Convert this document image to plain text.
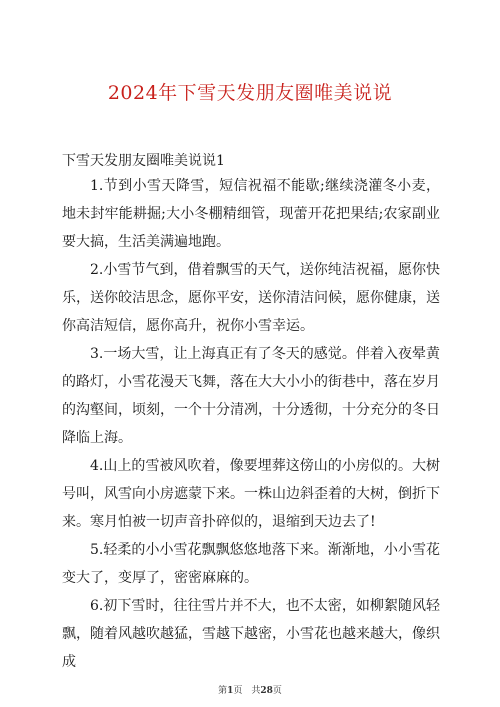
2024年下雪天发朋友圈唯美说说
下雪天发朋友圈唯美说说1

1.节到小雪天降雪，短信祝福不能歇;继续浇灌冬小麦，地未封牢能耕掘;大小冬棚精细管，现蕾开花把果结;农家副业要大搞，生活美满遍地跑。

2.小雪节气到，借着飘雪的天气，送你纯洁祝福，愿你快乐，送你皎洁思念，愿你平安，送你清洁问候，愿你健康，送你高洁短信，愿你高升，祝你小雪幸运。

3.一场大雪，让上海真正有了冬天的感觉。伴着入夜晕黄的路灯，小雪花漫天飞舞，落在大大小小的街巷中，落在岁月的沟壑间，顷刻，一个十分清冽，十分透彻，十分充分的冬日降临上海。

4.山上的雪被风吹着，像要埋葬这傍山的小房似的。大树号叫，风雪向小房遮蒙下来。一株山边斜歪着的大树，倒折下来。寒月怕被一切声音扑碎似的，退缩到天边去了!

5.轻柔的小小雪花飘飘悠悠地落下来。渐渐地，小小雪花变大了，变厚了，密密麻麻的。

6.初下雪时，往往雪片并不大，也不太密，如柳絮随风轻飘，随着风越吹越猛，雪越下越密，小雪花也越来越大，像织成

第1页　共28页
